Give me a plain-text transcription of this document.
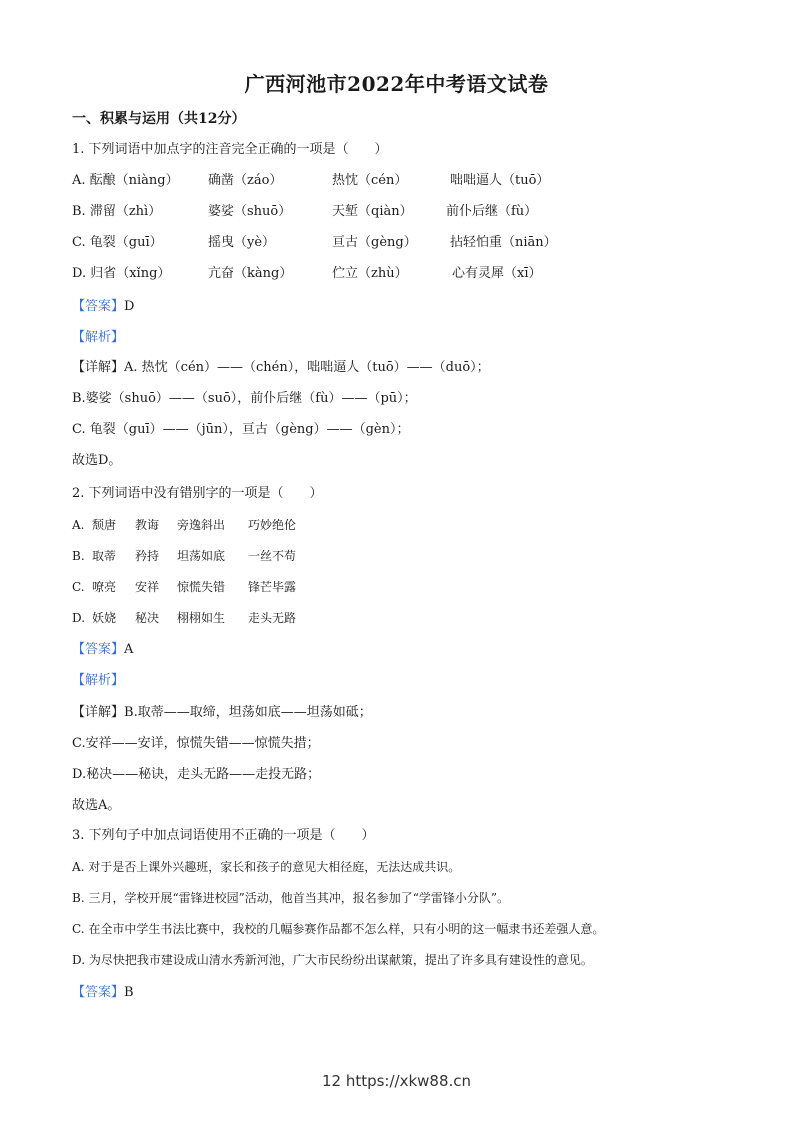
广西河池市2022年中考语文试卷
一、积累与运用（共12分）
1. 下列词语中加点字的注音完全正确的一项是（　　）
A. 酝酿（niàng） 确凿（záo）	热忱（cén）	咄咄逼人（tuō）
B. 滞留（zhì）	婆娑（shuō）	天堑（qiàn）	前仆后继（fù）
C. 龟裂（guī）	摇曳（yè）	亘古（gèng）	拈轻怕重（niān）
D. 归省（xǐng）	亢奋（kàng）	伫立（zhù）	心有灵犀（xī）
【答案】D
【解析】
【详解】A. 热忱（cén）——（chén），咄咄逼人（tuō）——（duō）；
B.婆娑（shuō）——（suō），前仆后继（fù）——（pū）；
C. 龟裂（guī）——（jūn），亘古（gèng）——（gèn）；
故选D。
2. 下列词语中没有错别字的一项是（　　）
A. 颓唐 教诲 旁逸斜出 巧妙绝伦
B. 取蒂 矜持 坦荡如底 一丝不苟
C. 嘹亮 安祥 惊慌失错 锋芒毕露
D. 妖娆 秘决 栩栩如生 走头无路
【答案】A
【解析】
【详解】B.取蒂——取缔，坦荡如底——坦荡如砥；
C.安祥——安详，惊慌失错——惊慌失措；
D.秘决——秘诀，走头无路——走投无路；
故选A。
3. 下列句子中加点词语使用不正确的一项是（　　）
A. 对于是否上课外兴趣班，家长和孩子的意见大相径庭，无法达成共识。
B. 三月，学校开展“雷锋进校园”活动，他首当其冲，报名参加了“学雷锋小分队”。
C. 在全市中学生书法比赛中，我校的几幅参赛作品都不怎么样，只有小明的这一幅隶书还差强人意。
D. 为尽快把我市建设成山清水秀新河池，广大市民纷纷出谋献策，提出了许多具有建设性的意见。
【答案】B
12 https://xkw88.cn
